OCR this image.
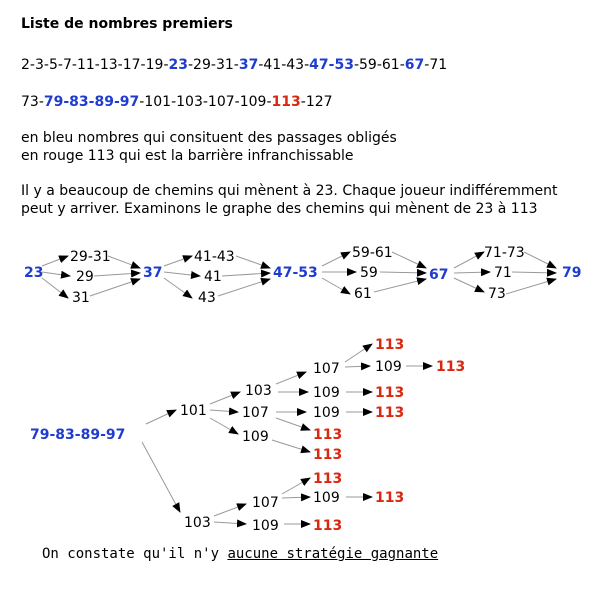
Liste de nombres premiers
2-3-5-7-11-13-17-19-23-29-31-37-41-43-47-53-59-61-67-71
73-79-83-89-97-101-103-107-109-113-127
en bleu nombres qui consituent des passages obligés
en rouge 113 qui est la barrière infranchissable
Il y a beaucoup de chemins qui mènent à 23. Chaque joueur indifféremment
peut y arriver. Examinons le graphe des chemins qui mènent de 23 à 113
23
29-31
29
31
37
41-43
41
43
47-53
59-61
59
61
67
71-73
71
73
79
79-83-89-97
101
103
107
109
107	109
113
109	113
109	113
113
113
113
103
107 109
113
113
109 113
On constate qu'il n'y aucune stratégie gagnante
